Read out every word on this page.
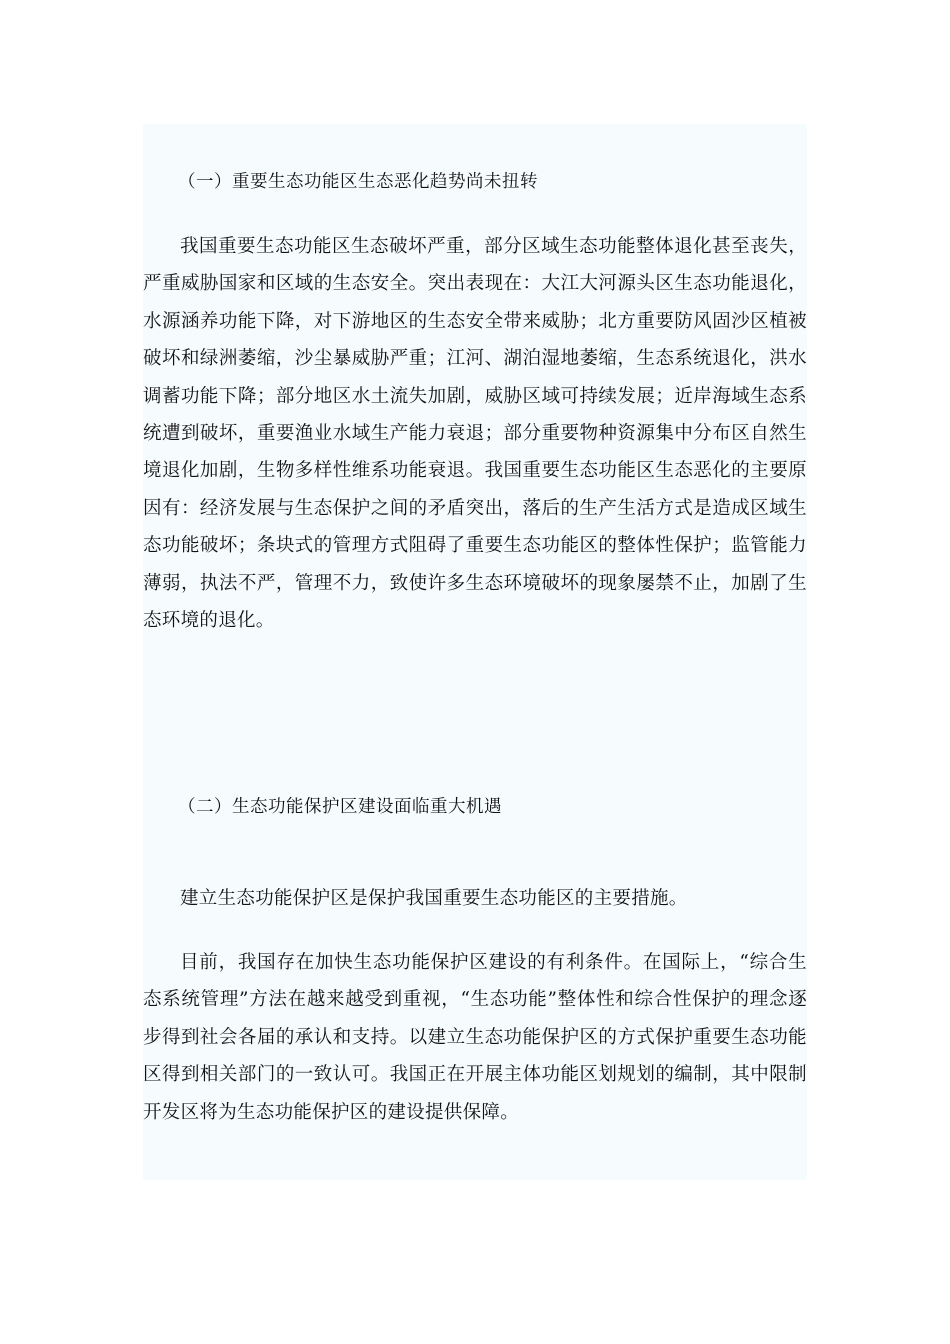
（一）重要生态功能区生态恶化趋势尚未扭转

我国重要生态功能区生态破坏严重，部分区域生态功能整体退化甚至丧失，严重威胁国家和区域的生态安全。突出表现在：大江大河源头区生态功能退化，水源涵养功能下降，对下游地区的生态安全带来威胁；北方重要防风固沙区植被破坏和绿洲萎缩，沙尘暴威胁严重；江河、湖泊湿地萎缩，生态系统退化，洪水调蓄功能下降；部分地区水土流失加剧，威胁区域可持续发展；近岸海域生态系统遭到破坏，重要渔业水域生产能力衰退；部分重要物种资源集中分布区自然生境退化加剧，生物多样性维系功能衰退。我国重要生态功能区生态恶化的主要原因有：经济发展与生态保护之间的矛盾突出，落后的生产生活方式是造成区域生态功能破坏；条块式的管理方式阻碍了重要生态功能区的整体性保护；监管能力薄弱，执法不严，管理不力，致使许多生态环境破坏的现象屡禁不止，加剧了生态环境的退化。

（二）生态功能保护区建设面临重大机遇

建立生态功能保护区是保护我国重要生态功能区的主要措施。

目前，我国存在加快生态功能保护区建设的有利条件。在国际上，“综合生态系统管理”方法在越来越受到重视，“生态功能”整体性和综合性保护的理念逐步得到社会各届的承认和支持。以建立生态功能保护区的方式保护重要生态功能区得到相关部门的一致认可。我国正在开展主体功能区划规划的编制，其中限制开发区将为生态功能保护区的建设提供保障。
